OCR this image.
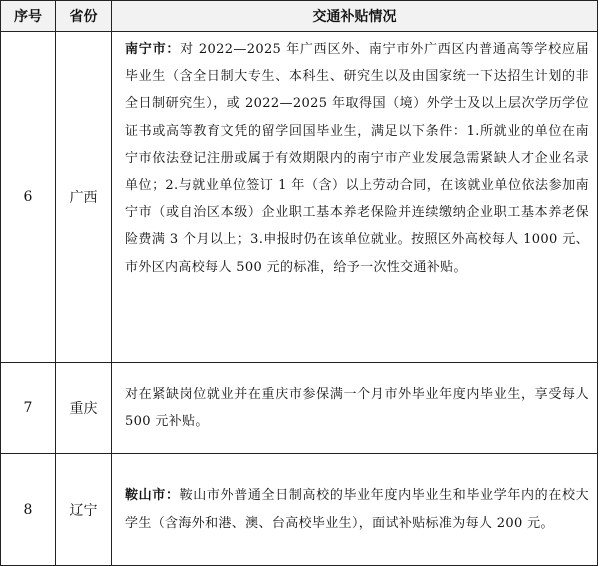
序号	省份	交通补贴情况
6	广西	南宁市：对 2022—2025 年广西区外、南宁市外广西区内普通高等学校应届毕业生（含全日制大专生、本科生、研究生以及由国家统一下达招生计划的非全日制研究生），或 2022—2025 年取得国（境）外学士及以上层次学历学位证书或高等教育文凭的留学回国毕业生，满足以下条件：1.所就业的单位在南宁市依法登记注册或属于有效期限内的南宁市产业发展急需紧缺人才企业名录单位；2.与就业单位签订 1 年（含）以上劳动合同，在该就业单位依法参加南宁市（或自治区本级）企业职工基本养老保险并连续缴纳企业职工基本养老保险费满 3 个月以上；3.申报时仍在该单位就业。按照区外高校每人 1000 元、市外区内高校每人 500 元的标准，给予一次性交通补贴。
7	重庆	对在紧缺岗位就业并在重庆市参保满一个月市外毕业年度内毕业生，享受每人 500 元补贴。
8	辽宁	鞍山市：鞍山市外普通全日制高校的毕业年度内毕业生和毕业学年内的在校大学生（含海外和港、澳、台高校毕业生），面试补贴标准为每人 200 元。
